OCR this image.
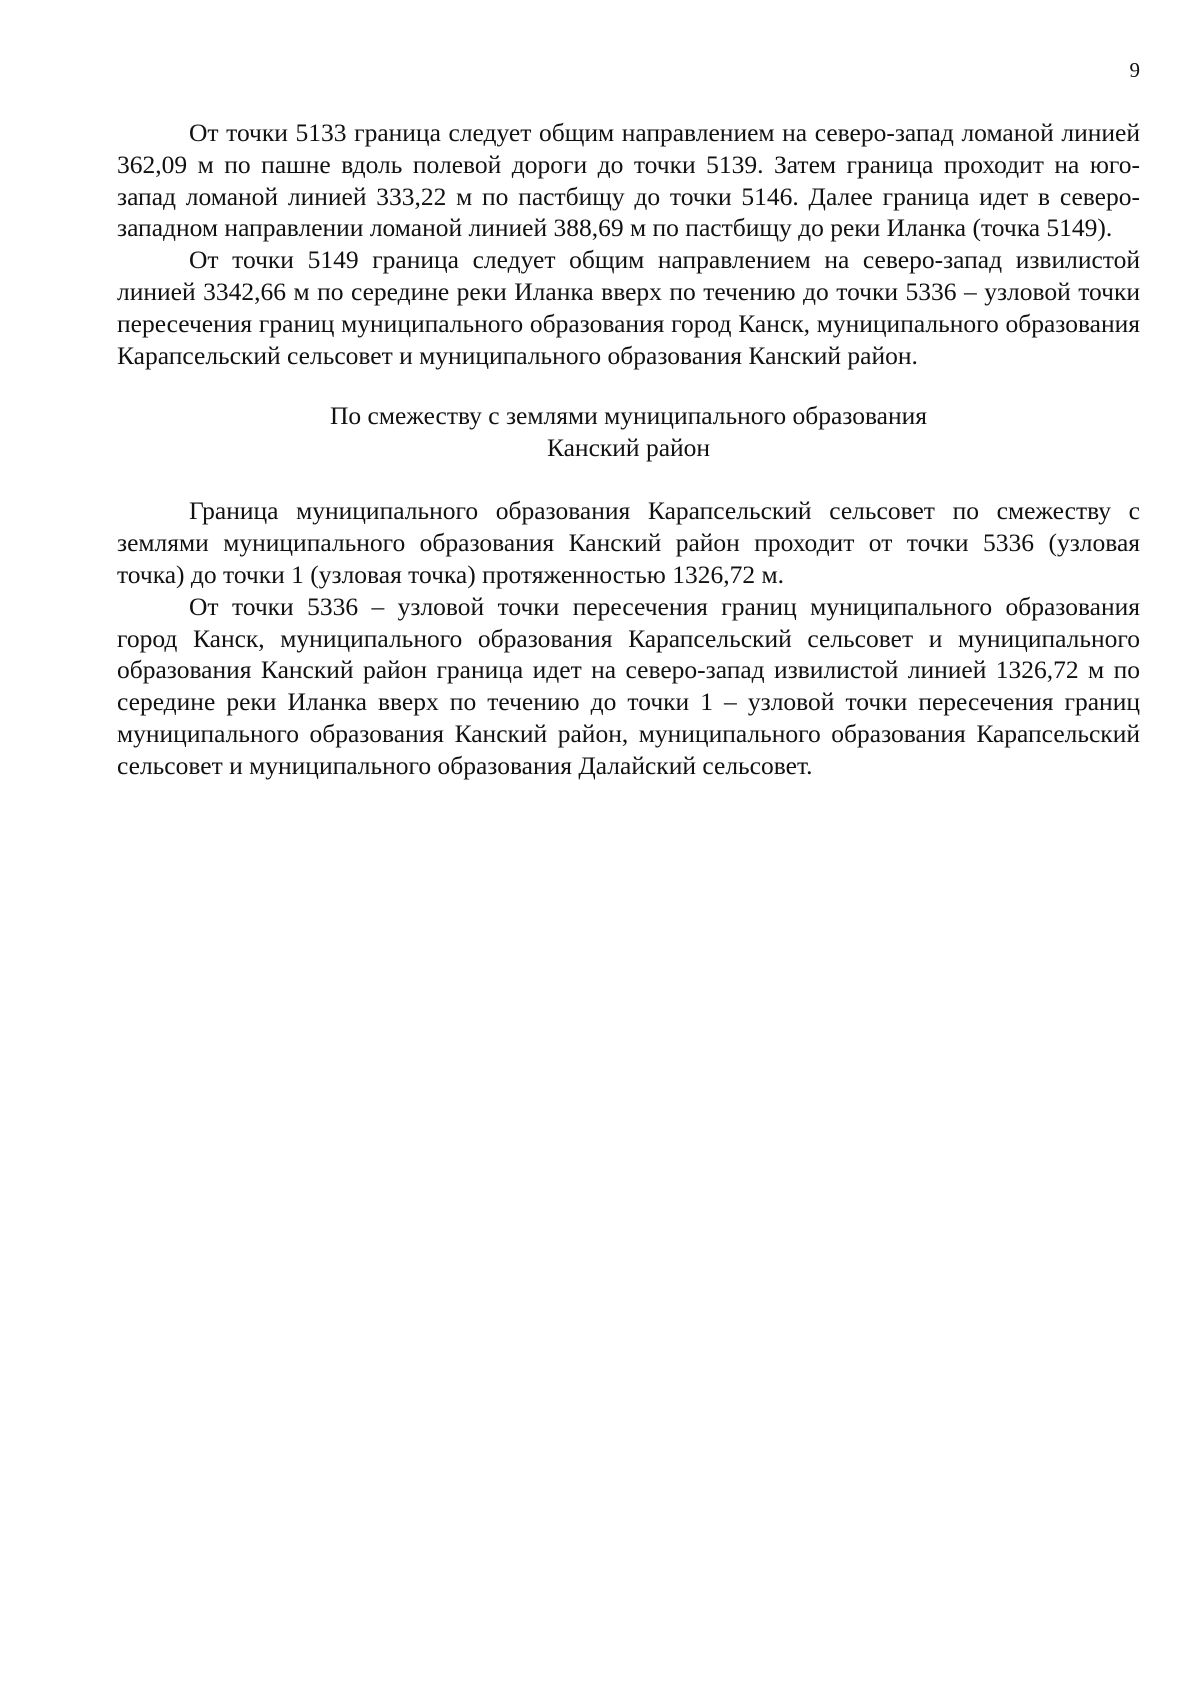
9

От точки 5133 граница следует общим направлением на северо-запад ломаной линией 362,09 м по пашне вдоль полевой дороги до точки 5139. Затем граница проходит на юго-запад ломаной линией 333,22 м по пастбищу до точки 5146. Далее граница идет в северо-западном направлении ломаной линией 388,69 м по пастбищу до реки Иланка (точка 5149).

От точки 5149 граница следует общим направлением на северо-запад извилистой линией 3342,66 м по середине реки Иланка вверх по течению до точки 5336 – узловой точки пересечения границ муниципального образования город Канск, муниципального образования Карапсельский сельсовет и муниципального образования Канский район.

По смежеству с землями муниципального образования
Канский район

Граница муниципального образования Карапсельский сельсовет по смежеству с землями муниципального образования Канский район проходит от точки 5336 (узловая точка) до точки 1 (узловая точка) протяженностью 1326,72 м.

От точки 5336 – узловой точки пересечения границ муниципального образования город Канск, муниципального образования Карапсельский сельсовет и муниципального образования Канский район граница идет на северо-запад извилистой линией 1326,72 м по середине реки Иланка вверх по течению до точки 1 – узловой точки пересечения границ муниципального образования Канский район, муниципального образования Карапсельский сельсовет и муниципального образования Далайский сельсовет.
